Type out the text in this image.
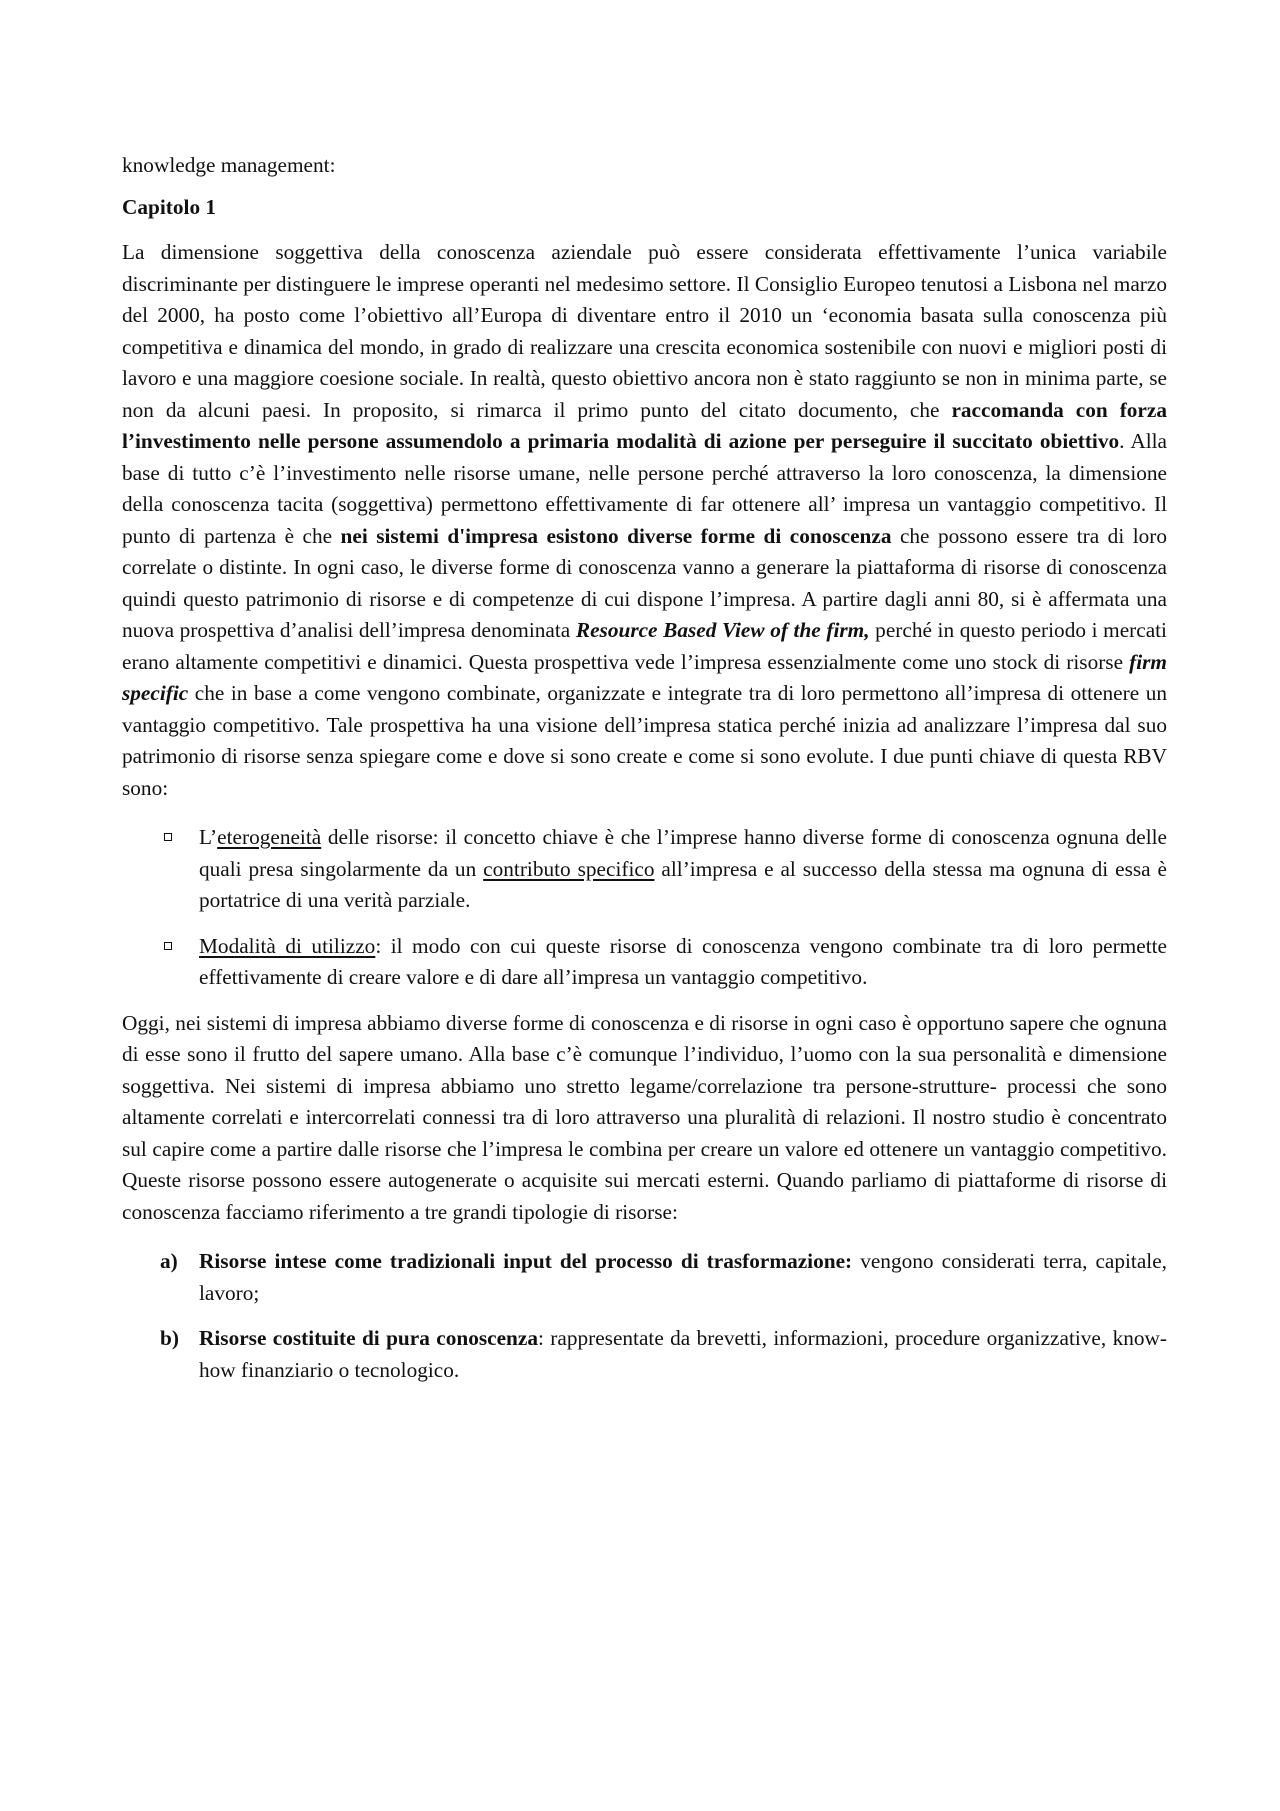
knowledge management:

Capitolo 1

La dimensione soggettiva della conoscenza aziendale può essere considerata effettivamente l’unica variabile discriminante per distinguere le imprese operanti nel medesimo settore. Il Consiglio Europeo tenutosi a Lisbona nel marzo del 2000, ha posto come l’obiettivo all’Europa di diventare entro il 2010 un ‘economia basata sulla conoscenza più competitiva e dinamica del mondo, in grado di realizzare una crescita economica sostenibile con nuovi e migliori posti di lavoro e una maggiore coesione sociale. In realtà, questo obiettivo ancora non è stato raggiunto se non in minima parte, se non da alcuni paesi. In proposito, si rimarca il primo punto del citato documento, che raccomanda con forza l’investimento nelle persone assumendolo a primaria modalità di azione per perseguire il succitato obiettivo. Alla base di tutto c’è l’investimento nelle risorse umane, nelle persone perché attraverso la loro conoscenza, la dimensione della conoscenza tacita (soggettiva) permettono effettivamente di far ottenere all’ impresa un vantaggio competitivo. Il punto di partenza è che nei sistemi d'impresa esistono diverse forme di conoscenza che possono essere tra di loro correlate o distinte. In ogni caso, le diverse forme di conoscenza vanno a generare la piattaforma di risorse di conoscenza quindi questo patrimonio di risorse e di competenze di cui dispone l’impresa. A partire dagli anni 80, si è affermata una nuova prospettiva d’analisi dell’impresa denominata Resource Based View of the firm, perché in questo periodo i mercati erano altamente competitivi e dinamici. Questa prospettiva vede l’impresa essenzialmente come uno stock di risorse firm specific che in base a come vengono combinate, organizzate e integrate tra di loro permettono all’impresa di ottenere un vantaggio competitivo. Tale prospettiva ha una visione dell’impresa statica perché inizia ad analizzare l’impresa dal suo patrimonio di risorse senza spiegare come e dove si sono create e come si sono evolute. I due punti chiave di questa RBV sono:

L’eterogeneità delle risorse: il concetto chiave è che l’imprese hanno diverse forme di conoscenza ognuna delle quali presa singolarmente da un contributo specifico all’impresa e al successo della stessa ma ognuna di essa è portatrice di una verità parziale.
Modalità di utilizzo: il modo con cui queste risorse di conoscenza vengono combinate tra di loro permette effettivamente di creare valore e di dare all’impresa un vantaggio competitivo.

Oggi, nei sistemi di impresa abbiamo diverse forme di conoscenza e di risorse in ogni caso è opportuno sapere che ognuna di esse sono il frutto del sapere umano. Alla base c’è comunque l’individuo, l’uomo con la sua personalità e dimensione soggettiva. Nei sistemi di impresa abbiamo uno stretto legame/correlazione tra persone-strutture- processi che sono altamente correlati e intercorrelati connessi tra di loro attraverso una pluralità di relazioni. Il nostro studio è concentrato sul capire come a partire dalle risorse che l’impresa le combina per creare un valore ed ottenere un vantaggio competitivo. Queste risorse possono essere autogenerate o acquisite sui mercati esterni. Quando parliamo di piattaforme di risorse di conoscenza facciamo riferimento a tre grandi tipologie di risorse:

a) Risorse intese come tradizionali input del processo di trasformazione: vengono considerati terra, capitale, lavoro;
b) Risorse costituite di pura conoscenza: rappresentate da brevetti, informazioni, procedure organizzative, know-how finanziario o tecnologico.
